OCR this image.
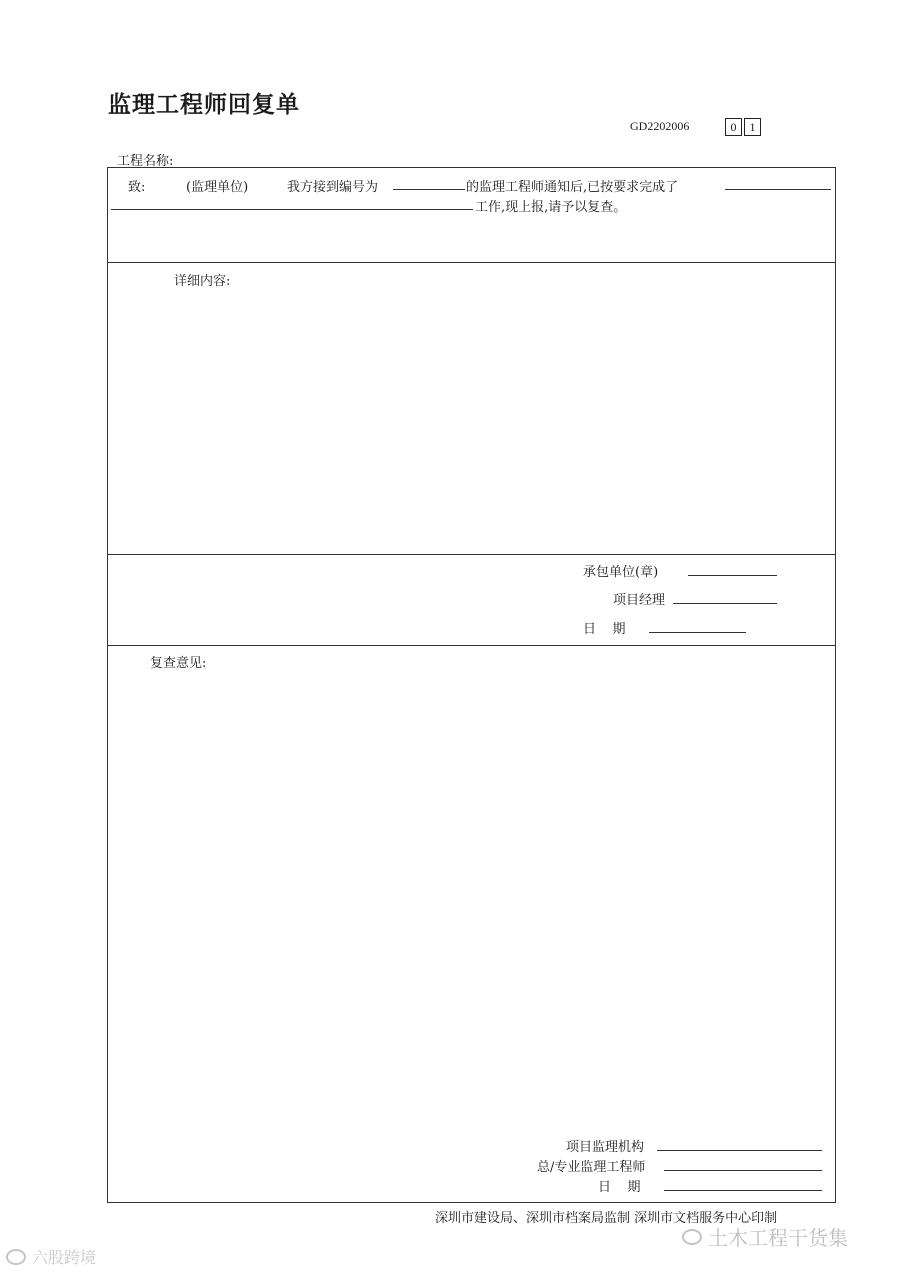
监理工程师回复单
GD2202006	0	1
工程名称:
致:	(监理单位)	我方接到编号为	的监理工程师通知后,已按要求完成了
工作,现上报,请予以复查。
详细内容:
承包单位(章)
项目经理
日    期
复查意见:
项目监理机构
总/专业监理工程师
日    期
深圳市建设局、深圳市档案局监制 深圳市文档服务中心印制
土木工程干货集
六股跨境
